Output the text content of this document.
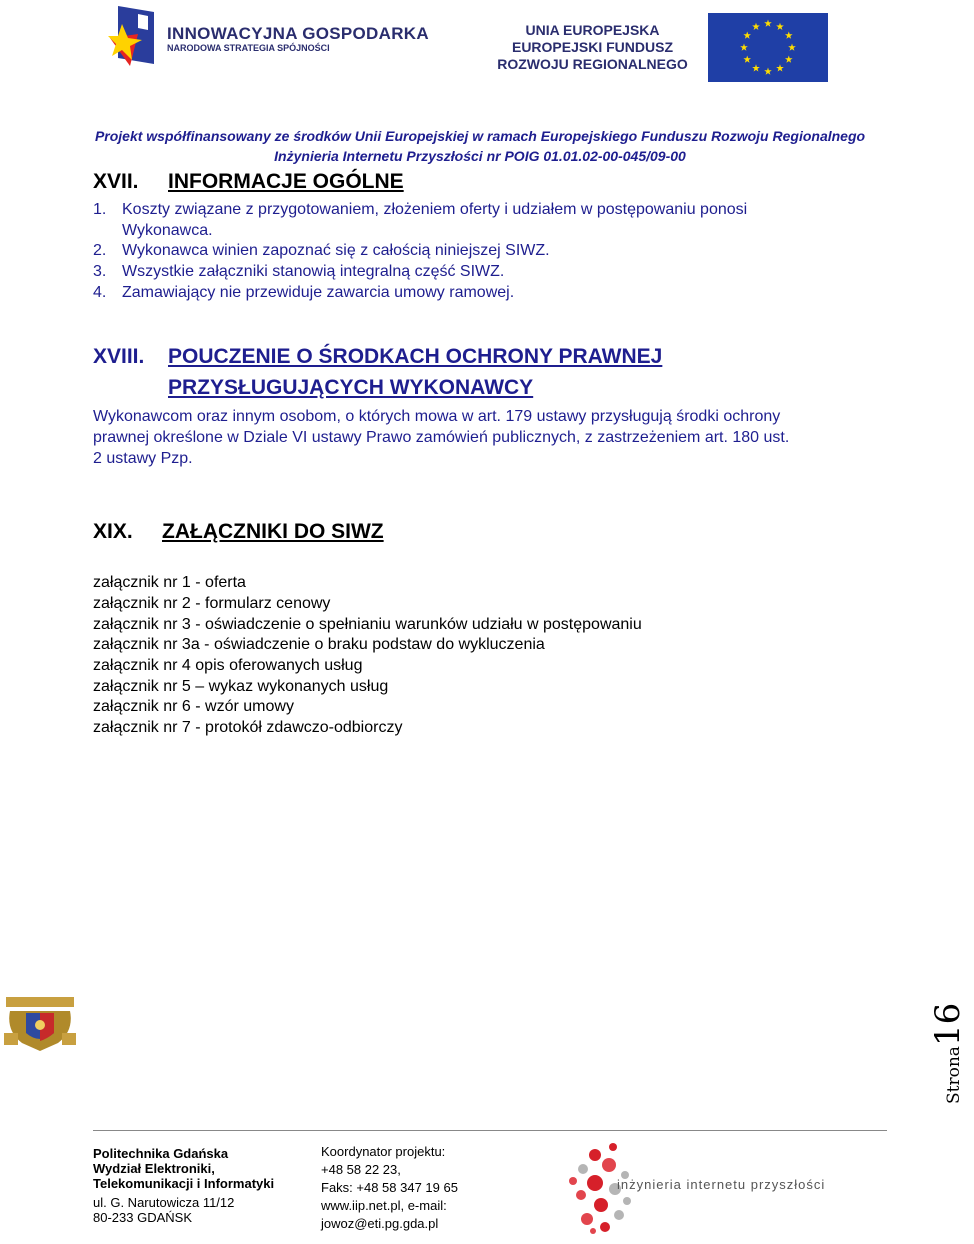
INNOWACYJNA GOSPODARKA
NARODOWA STRATEGIA SPÓJNOŚCI
UNIA EUROPEJSKA
EUROPEJSKI FUNDUSZ
ROZWOJU REGIONALNEGO
Projekt współfinansowany ze środków Unii Europejskiej w ramach Europejskiego Funduszu Rozwoju Regionalnego
Inżynieria Internetu Przyszłości nr POIG 01.01.02-00-045/09-00
XVII. INFORMACJE OGÓLNE
1. Koszty związane z przygotowaniem, złożeniem oferty i udziałem w postępowaniu ponosi
Wykonawca.
2. Wykonawca winien zapoznać się z całością niniejszej SIWZ.
3. Wszystkie załączniki stanowią integralną część SIWZ.
4. Zamawiający nie przewiduje zawarcia umowy ramowej.
XVIII. POUCZENIE O ŚRODKACH OCHRONY PRAWNEJ
PRZYSŁUGUJĄCYCH WYKONAWCY
Wykonawcom oraz innym osobom, o których mowa w art. 179 ustawy przysługują środki ochrony
prawnej określone w Dziale VI ustawy Prawo zamówień publicznych, z zastrzeżeniem art. 180 ust.
2 ustawy Pzp.
XIX. ZAŁĄCZNIKI DO SIWZ
załącznik nr 1 - oferta
załącznik nr 2 - formularz cenowy
załącznik nr 3 - oświadczenie o spełnianiu warunków udziału w postępowaniu
załącznik nr 3a - oświadczenie o braku podstaw do wykluczenia
załącznik nr 4 opis oferowanych usług
załącznik nr 5 – wykaz wykonanych usług
załącznik nr 6 - wzór umowy
załącznik nr 7 - protokół zdawczo-odbiorczy
Strona16
Politechnika Gdańska
Wydział Elektroniki,
Telekomunikacji i Informatyki
ul. G. Narutowicza 11/12
80-233 GDAŃSK
Koordynator projektu:
+48 58 22 23,
Faks: +48 58 347 19 65
www.iip.net.pl, e-mail:
jowoz@eti.pg.gda.pl
inżynieria internetu przyszłości
